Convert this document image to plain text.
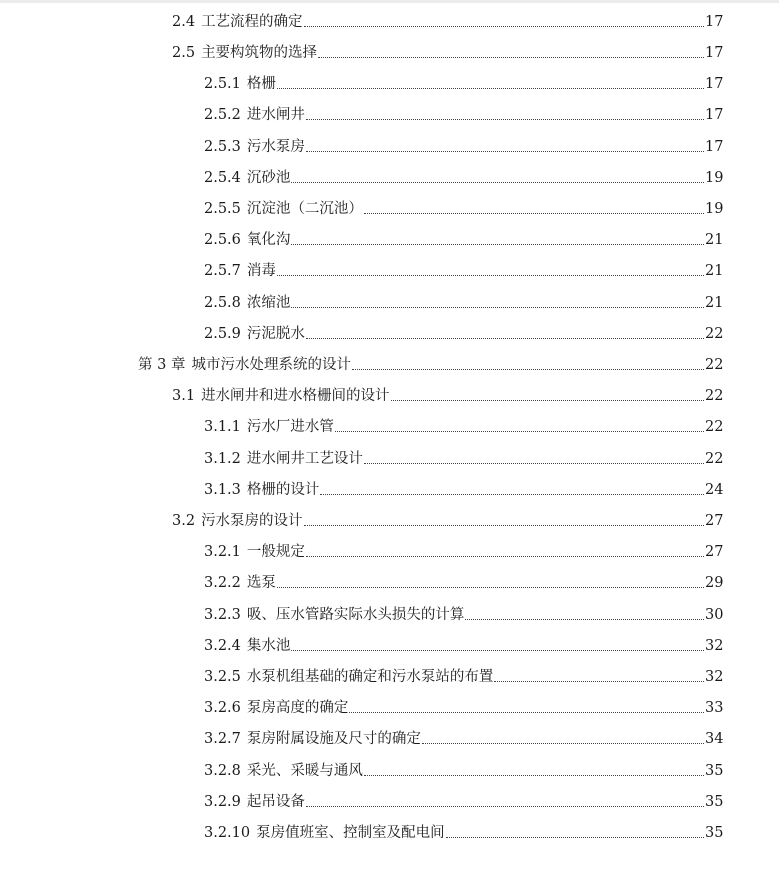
2.4 工艺流程的确定	17
2.5 主要构筑物的选择	17
2.5.1 格栅	17
2.5.2 进水闸井	17
2.5.3 污水泵房	17
2.5.4 沉砂池	19
2.5.5 沉淀池（二沉池）	19
2.5.6 氧化沟	21
2.5.7 消毒	21
2.5.8 浓缩池	21
2.5.9 污泥脱水	22
第 3 章 城市污水处理系统的设计	22
3.1 进水闸井和进水格栅间的设计	22
3.1.1 污水厂进水管	22
3.1.2 进水闸井工艺设计	22
3.1.3 格栅的设计	24
3.2 污水泵房的设计	27
3.2.1 一般规定	27
3.2.2 选泵	29
3.2.3 吸、压水管路实际水头损失的计算	30
3.2.4 集水池	32
3.2.5 水泵机组基础的确定和污水泵站的布置	32
3.2.6 泵房高度的确定	33
3.2.7 泵房附属设施及尺寸的确定	34
3.2.8 采光、采暖与通风	35
3.2.9 起吊设备	35
3.2.10 泵房值班室、控制室及配电间	35
